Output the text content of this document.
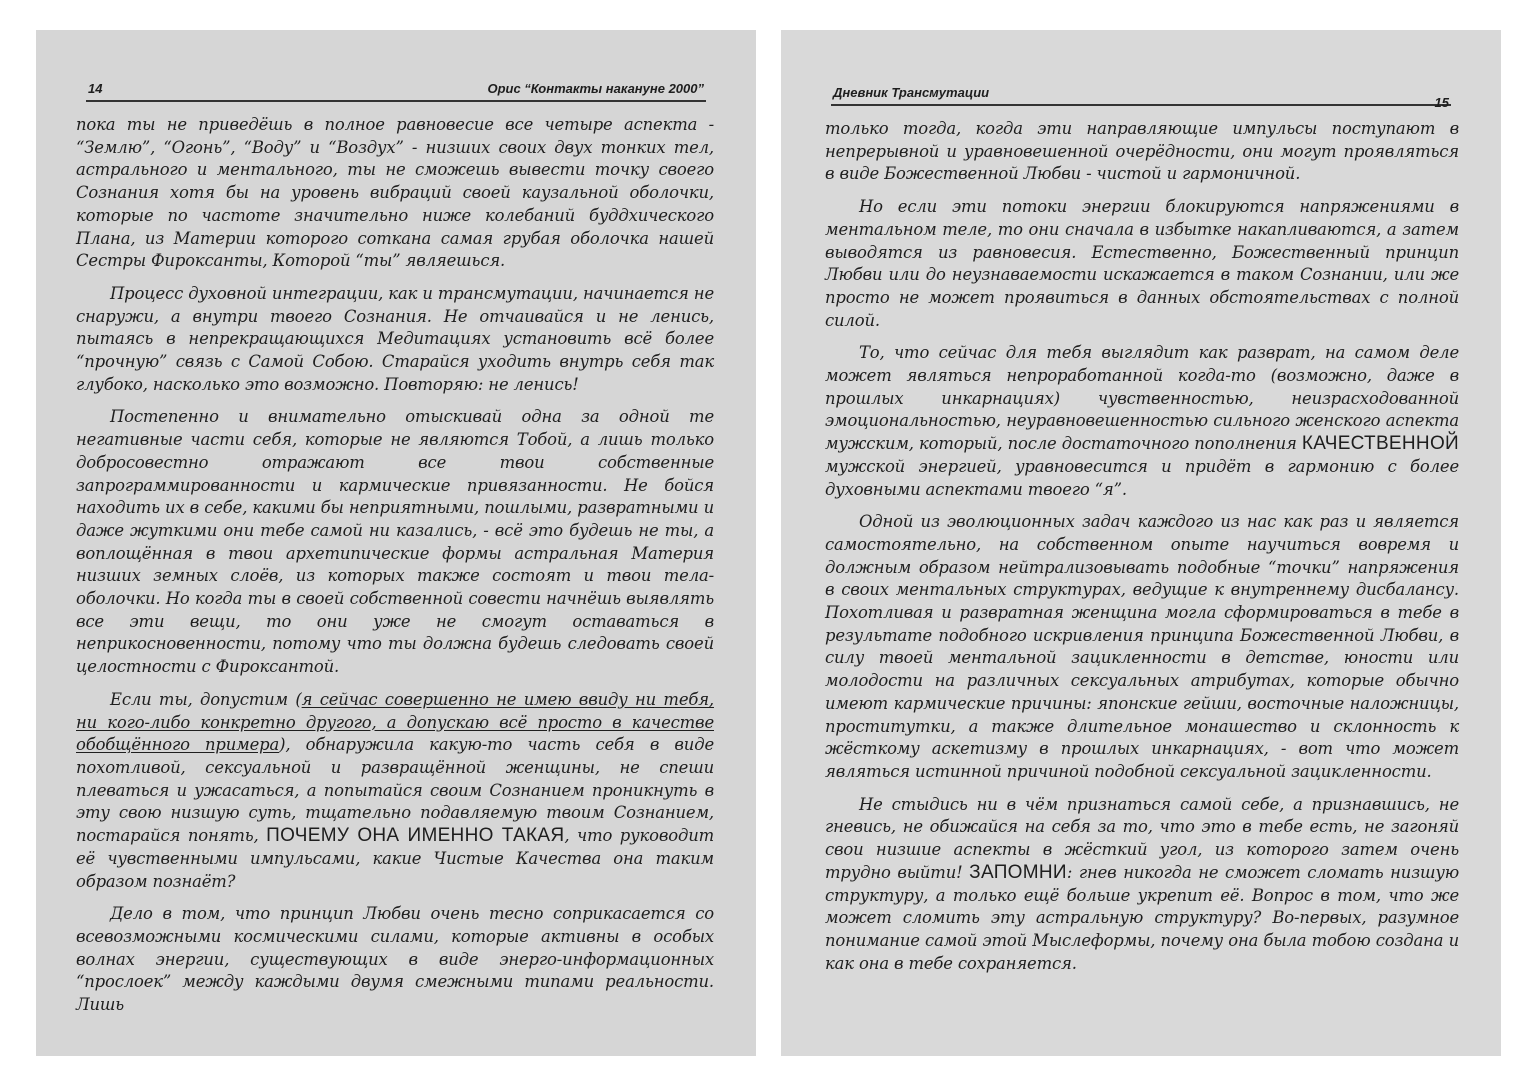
14	Орис “Контакты накануне 2000”

пока ты не приведёшь в полное равновесие все четыре аспекта - “Землю”, “Огонь”, “Воду” и “Воздух” - низших своих двух тонких тел, астрального и ментального, ты не сможешь вывести точку своего Сознания хотя бы на уровень вибраций своей каузальной оболочки, которые по частоте значительно ниже колебаний буддхического Плана, из Материи которого соткана самая грубая оболочка нашей Сестры Фироксанты, Которой “ты” являешься.

Процесс духовной интеграции, как и трансмутации, начинается не снаружи, а внутри твоего Сознания. Не отчаивайся и не ленись, пытаясь в непрекращающихся Медитациях установить всё более “прочную” связь с Самой Собою. Старайся уходить внутрь себя так глубоко, насколько это возможно. Повторяю: не ленись!

Постепенно и внимательно отыскивай одна за одной те негативные части себя, которые не являются Тобой, а лишь только добросовестно отражают все твои собственные запрограммированности и кармические привязанности. Не бойся находить их в себе, какими бы неприятными, пошлыми, развратными и даже жуткими они тебе самой ни казались, - всё это будешь не ты, а воплощённая в твои архетипические формы астральная Материя низших земных слоёв, из которых также состоят и твои тела-оболочки. Но когда ты в своей собственной совести начнёшь выявлять все эти вещи, то они уже не смогут оставаться в неприкосновенности, потому что ты должна будешь следовать своей целостности с Фироксантой.

Если ты, допустим (я сейчас совершенно не имею ввиду ни тебя, ни кого-либо конкретно другого, а допускаю всё просто в качестве обобщённого примера), обнаружила какую-то часть себя в виде похотливой, сексуальной и развращённой женщины, не спеши плеваться и ужасаться, а попытайся своим Сознанием проникнуть в эту свою низшую суть, тщательно подавляемую твоим Сознанием, постарайся понять, ПОЧЕМУ ОНА ИМЕННО ТАКАЯ, что руководит её чувственными импульсами, какие Чистые Качества она таким образом познаёт?

Дело в том, что принцип Любви очень тесно соприкасается со всевозможными космическими силами, которые активны в особых волнах энергии, существующих в виде энерго-информационных “прослоек” между каждыми двумя смежными типами реальности. Лишь

Дневник Трансмутации
15

только тогда, когда эти направляющие импульсы поступают в непрерывной и уравновешенной очерёдности, они могут проявляться в виде Божественной Любви - чистой и гармоничной.

Но если эти потоки энергии блокируются напряжениями в ментальном теле, то они сначала в избытке накапливаются, а затем выводятся из равновесия. Естественно, Божественный принцип Любви или до неузнаваемости искажается в таком Сознании, или же просто не может проявиться в данных обстоятельствах с полной силой.

То, что сейчас для тебя выглядит как разврат, на самом деле может являться непроработанной когда-то (возможно, даже в прошлых инкарнациях) чувственностью, неизрасходованной эмоциональностью, неуравновешенностью сильного женского аспекта мужским, который, после достаточного пополнения КАЧЕСТВЕННОЙ мужской энергией, уравновесится и придёт в гармонию с более духовными аспектами твоего “я”.

Одной из эволюционных задач каждого из нас как раз и является самостоятельно, на собственном опыте научиться вовремя и должным образом нейтрализовывать подобные “точки” напряжения в своих ментальных структурах, ведущие к внутреннему дисбалансу. Похотливая и развратная женщина могла сформироваться в тебе в результате подобного искривления принципа Божественной Любви, в силу твоей ментальной зацикленности в детстве, юности или молодости на различных сексуальных атрибутах, которые обычно имеют кармические причины: японские гейши, восточные наложницы, проститутки, а также длительное монашество и склонность к жёсткому аскетизму в прошлых инкарнациях, - вот что может являться истинной причиной подобной сексуальной зацикленности.

Не стыдись ни в чём признаться самой себе, а признавшись, не гневись, не обижайся на себя за то, что это в тебе есть, не загоняй свои низшие аспекты в жёсткий угол, из которого затем очень трудно выйти! ЗАПОМНИ: гнев никогда не сможет сломать низшую структуру, а только ещё больше укрепит её. Вопрос в том, что же может сломить эту астральную структуру? Во-первых, разумное понимание самой этой Мыслеформы, почему она была тобою создана и как она в тебе сохраняется.
